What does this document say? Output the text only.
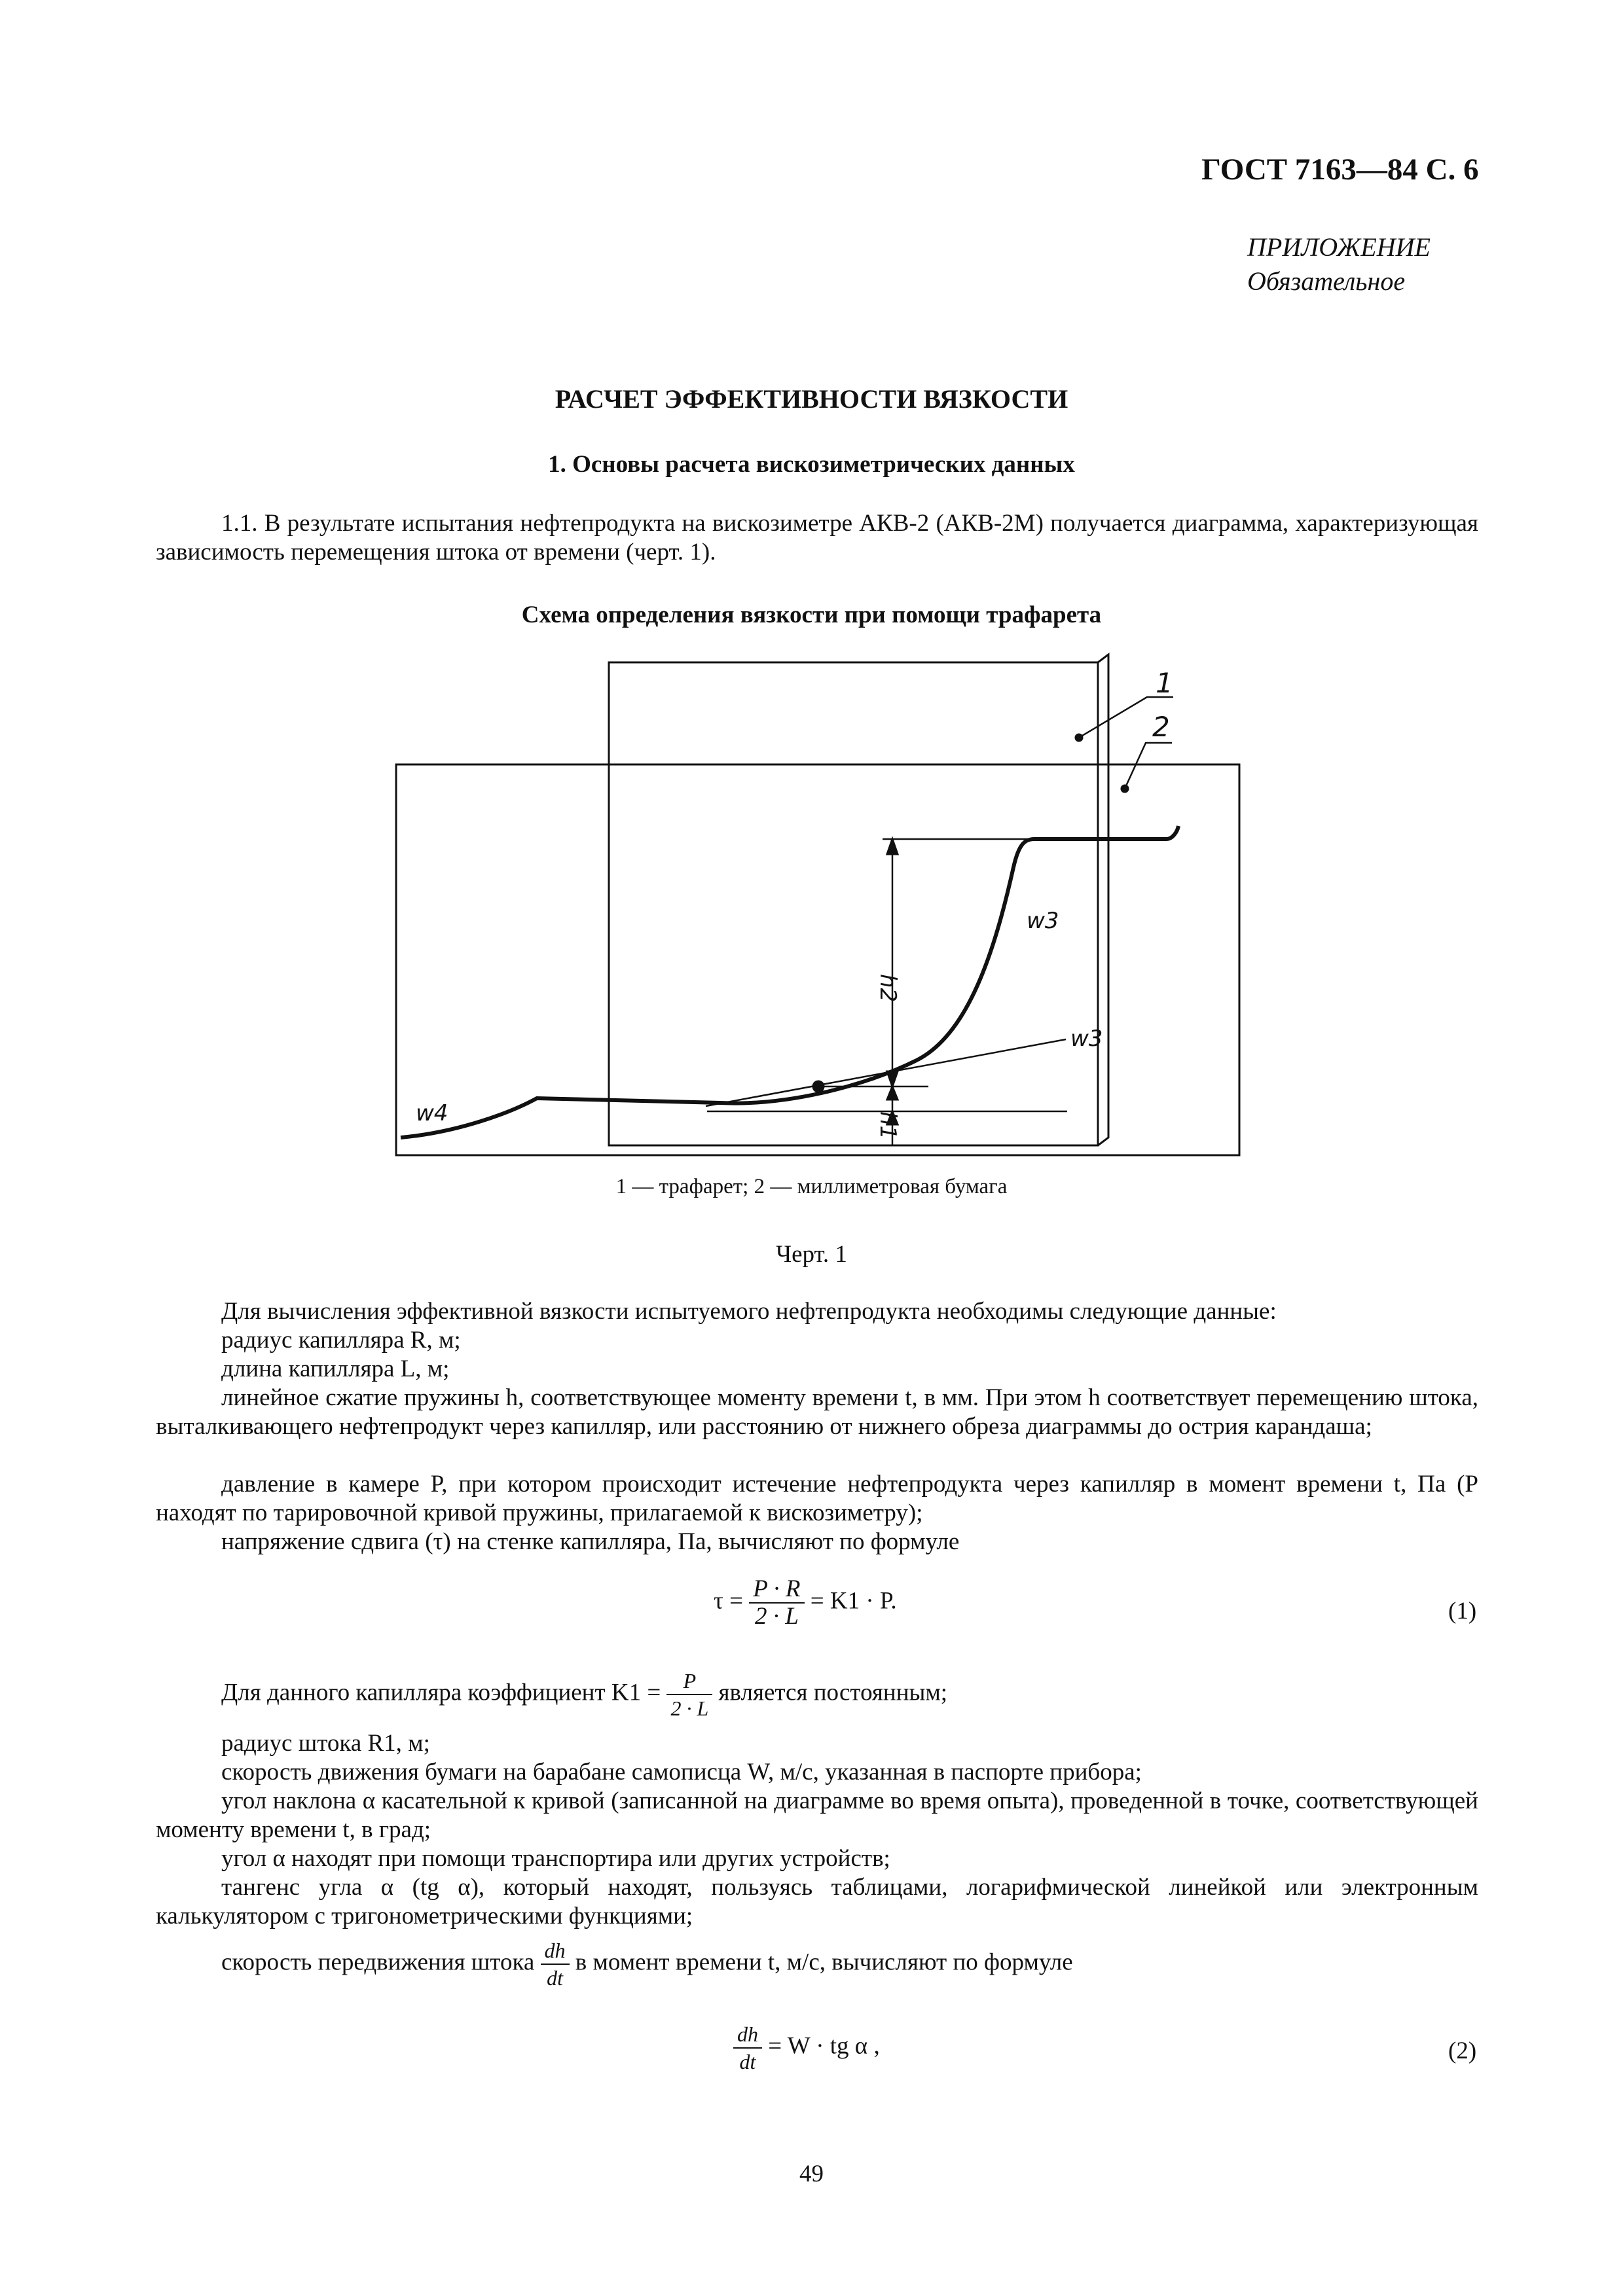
ГОСТ 7163—84 С. 6
ПРИЛОЖЕНИЕ
Обязательное
РАСЧЕТ ЭФФЕКТИВНОСТИ ВЯЗКОСТИ
1. Основы расчета вискозиметрических данных
1.1. В результате испытания нефтепродукта на вискозиметре АКВ-2 (АКВ-2М) получается диаграмма, характеризующая зависимость перемещения штока от времени (черт. 1).
Схема определения вязкости при помощи трафарета
1
2
w3
w3
w4
h2
h1
1 — трафарет; 2 — миллиметровая бумага
Черт. 1
Для вычисления эффективной вязкости испытуемого нефтепродукта необходимы следующие данные:
радиус капилляра R, м;
длина капилляра L, м;
линейное сжатие пружины h, соответствующее моменту времени t, в мм. При этом h соответствует перемещению штока, выталкивающего нефтепродукт через капилляр, или расстоянию от нижнего обреза диаграммы до острия карандаша;
давление в камере P, при котором происходит истечение нефтепродукта через капилляр в момент времени t, Па (P находят по тарировочной кривой пружины, прилагаемой к вискозиметру);
напряжение сдвига (τ) на стенке капилляра, Па, вычисляют по формуле
$\tau = \frac{P \cdot R}{2 \cdot L} = K1 \cdot P$.	(1)
Для данного капилляра коэффициент $K1 = \frac{P}{2 \cdot L}$ является постоянным;
радиус штока R1, м;
скорость движения бумаги на барабане самописца W, м/с, указанная в паспорте прибора;
угол наклона α касательной к кривой (записанной на диаграмме во время опыта), проведенной в точке, соответствующей моменту времени t, в град;
угол α находят при помощи транспортира или других устройств;
тангенс угла α (tg α), который находят, пользуясь таблицами, логарифмической линейкой или электронным калькулятором с тригонометрическими функциями;
скорость передвижения штока $\frac{dh}{dt}$ в момент времени t, м/с, вычисляют по формуле
$\frac{dh}{dt} = W$ · tg α ,	(2)
49
